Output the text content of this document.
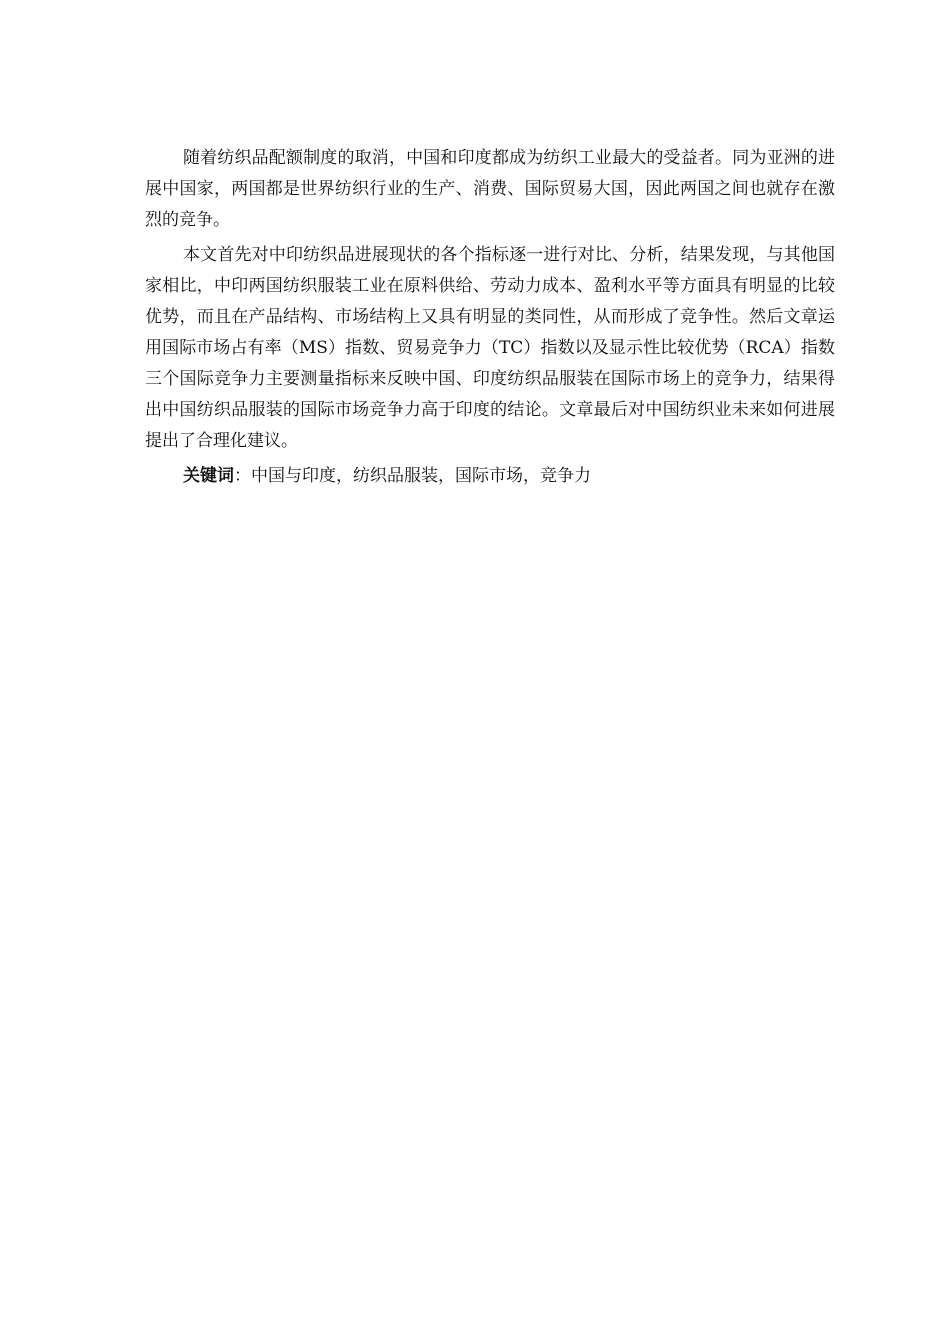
随着纺织品配额制度的取消，中国和印度都成为纺织工业最大的受益者。同为亚洲的进展中国家，两国都是世界纺织行业的生产、消费、国际贸易大国，因此两国之间也就存在激烈的竞争。

本文首先对中印纺织品进展现状的各个指标逐一进行对比、分析，结果发现，与其他国家相比，中印两国纺织服装工业在原料供给、劳动力成本、盈利水平等方面具有明显的比较优势，而且在产品结构、市场结构上又具有明显的类同性，从而形成了竞争性。然后文章运用国际市场占有率（MS）指数、贸易竞争力（TC）指数以及显示性比较优势（RCA）指数三个国际竞争力主要测量指标来反映中国、印度纺织品服装在国际市场上的竞争力，结果得出中国纺织品服装的国际市场竞争力高于印度的结论。文章最后对中国纺织业未来如何进展提出了合理化建议。

关键词：中国与印度，纺织品服装，国际市场，竞争力
